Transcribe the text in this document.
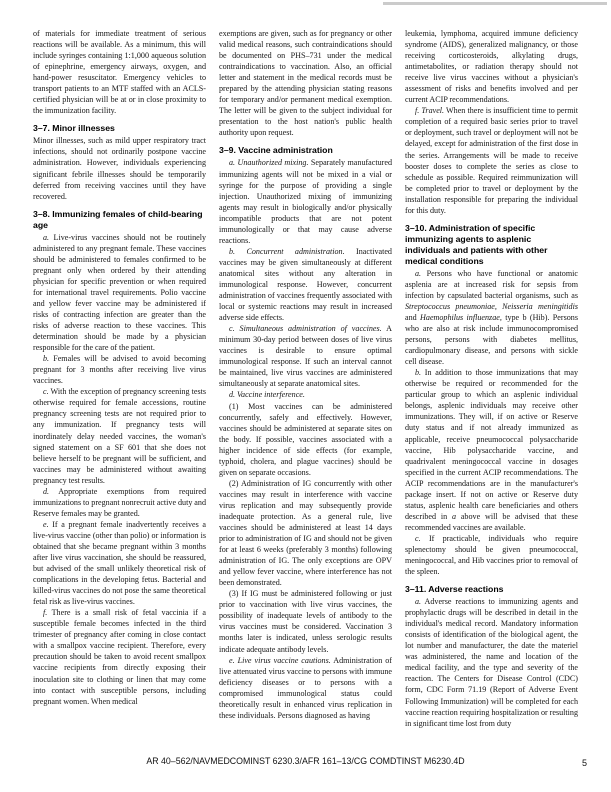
of materials for immediate treatment of serious reactions will be available. As a minimum, this will include syringes containing 1:1,000 aqueous solution of epinephrine, emergency airways, oxygen, and hand-power resuscitator. Emergency vehicles to transport patients to an MTF staffed with an ACLS-certified physician will be at or in close proximity to the immunization facility.

3–7. Minor illnesses

Minor illnesses, such as mild upper respiratory tract infections, should not ordinarily postpone vaccine administration. However, individuals experiencing significant febrile illnesses should be temporarily deferred from receiving vaccines until they have recovered.

3–8. Immunizing females of child-bearing age

a. Live-virus vaccines should not be routinely administered to any pregnant female. These vaccines should be administered to females confirmed to be pregnant only when ordered by their attending physician for specific prevention or when required for international travel requirements. Polio vaccine and yellow fever vaccine may be administered if risks of contracting infection are greater than the risks of adverse reaction to these vaccines. This determination should be made by a physician responsible for the care of the patient.

b. Females will be advised to avoid becoming pregnant for 3 months after receiving live virus vaccines.

c. With the exception of pregnancy screening tests otherwise required for female accessions, routine pregnancy screening tests are not required prior to any immunization. If pregnancy tests will inordinately delay needed vaccines, the woman's signed statement on a SF 601 that she does not believe herself to be pregnant will be sufficient, and vaccines may be administered without awaiting pregnancy test results.

d. Appropriate exemptions from required immunizations to pregnant nonrecruit active duty and Reserve females may be granted.

e. If a pregnant female inadvertently receives a live-virus vaccine (other than polio) or information is obtained that she became pregnant within 3 months after live virus vaccination, she should be reassured, but advised of the small unlikely theoretical risk of complications in the developing fetus. Bacterial and killed-virus vaccines do not pose the same theoretical fetal risk as live-virus vaccines.

f. There is a small risk of fetal vaccinia if a susceptible female becomes infected in the third trimester of pregnancy after coming in close contact with a smallpox vaccine recipient. Therefore, every precaution should be taken to avoid recent smallpox vaccine recipients from directly exposing their inoculation site to clothing or linen that may come into contact with susceptible persons, including pregnant women. When medical

exemptions are given, such as for pregnancy or other valid medical reasons, such contraindications should be documented on PHS–731 under the medical contraindications to vaccination. Also, an official letter and statement in the medical records must be prepared by the attending physician stating reasons for temporary and/or permanent medical exemption. The letter will be given to the subject individual for presentation to the host nation's public health authority upon request.

3–9. Vaccine administration

a. Unauthorized mixing. Separately manufactured immunizing agents will not be mixed in a vial or syringe for the purpose of providing a single injection. Unauthorized mixing of immunizing agents may result in biologically and/or physically incompatible products that are not potent immunologically or that may cause adverse reactions.

b. Concurrent administration. Inactivated vaccines may be given simultaneously at different anatomical sites without any alteration in immunological response. However, concurrent administration of vaccines frequently associated with local or systemic reactions may result in increased adverse side effects.

c. Simultaneous administration of vaccines. A minimum 30-day period between doses of live virus vaccines is desirable to ensure optimal immunological response. If such an interval cannot be maintained, live virus vaccines are administered simultaneously at separate anatomical sites.

d. Vaccine interference.

(1) Most vaccines can be administered concurrently, safely and effectively. However, vaccines should be administered at separate sites on the body. If possible, vaccines associated with a higher incidence of side effects (for example, typhoid, cholera, and plague vaccines) should be given on separate occasions.

(2) Administration of IG concurrently with other vaccines may result in interference with vaccine virus replication and may subsequently provide inadequate protection. As a general rule, live vaccines should be administered at least 14 days prior to administration of IG and should not be given for at least 6 weeks (preferably 3 months) following administration of IG. The only exceptions are OPV and yellow fever vaccine, where interference has not been demonstrated.

(3) If IG must be administered following or just prior to vaccination with live virus vaccines, the possibility of inadequate levels of antibody to the virus vaccines must be considered. Vaccination 3 months later is indicated, unless serologic results indicate adequate antibody levels.

e. Live virus vaccine cautions. Administration of live attenuated virus vaccine to persons with immune deficiency diseases or to persons with a compromised immunological status could theoretically result in enhanced virus replication in these individuals. Persons diagnosed as having

leukemia, lymphoma, acquired immune deficiency syndrome (AIDS), generalized malignancy, or those receiving corticosteroids, alkylating drugs, antimetabolites, or radiation therapy should not receive live virus vaccines without a physician's assessment of risks and benefits involved and per current ACIP recommendations.

f. Travel. When there is insufficient time to permit completion of a required basic series prior to travel or deployment, such travel or deployment will not be delayed, except for administration of the first dose in the series. Arrangements will be made to receive booster doses to complete the series as close to schedule as possible. Required reimmunization will be completed prior to travel or deployment by the installation responsible for preparing the individual for this duty.

3–10. Administration of specific immunizing agents to asplenic individuals and patients with other medical conditions

a. Persons who have functional or anatomic asplenia are at increased risk for sepsis from infection by capsulated bacterial organisms, such as Streptococcus pneumoniae, Neisseria meningitidis and Haemophilus influenzae, type b (Hib). Persons who are also at risk include immunocompromised persons, persons with diabetes mellitus, cardiopulmonary disease, and persons with sickle cell disease.

b. In addition to those immunizations that may otherwise be required or recommended for the particular group to which an asplenic individual belongs, asplenic individuals may receive other immunizations. They will, if on active or Reserve duty status and if not already immunized as applicable, receive pneumococcal polysaccharide vaccine, Hib polysaccharide vaccine, and quadrivalent meningococcal vaccine in dosages specified in the current ACIP recommendations. The ACIP recommendations are in the manufacturer's package insert. If not on active or Reserve duty status, asplenic health care beneficiaries and others described in a above will be advised that these recommended vaccines are available.

c. If practicable, individuals who require splenectomy should be given pneumococcal, meningococcal, and Hib vaccines prior to removal of the spleen.

3–11. Adverse reactions

a. Adverse reactions to immunizing agents and prophylactic drugs will be described in detail in the individual's medical record. Mandatory information consists of identification of the biological agent, the lot number and manufacturer, the date the materiel was administered, the name and location of the medical facility, and the type and severity of the reaction. The Centers for Disease Control (CDC) form, CDC Form 71.19 (Report of Adverse Event Following Immunization) will be completed for each vaccine reaction requiring hospitalization or resulting in significant time lost from duty

AR 40–562/NAVMEDCOMINST 6230.3/AFR 161–13/CG COMDTINST M6230.4D	5
